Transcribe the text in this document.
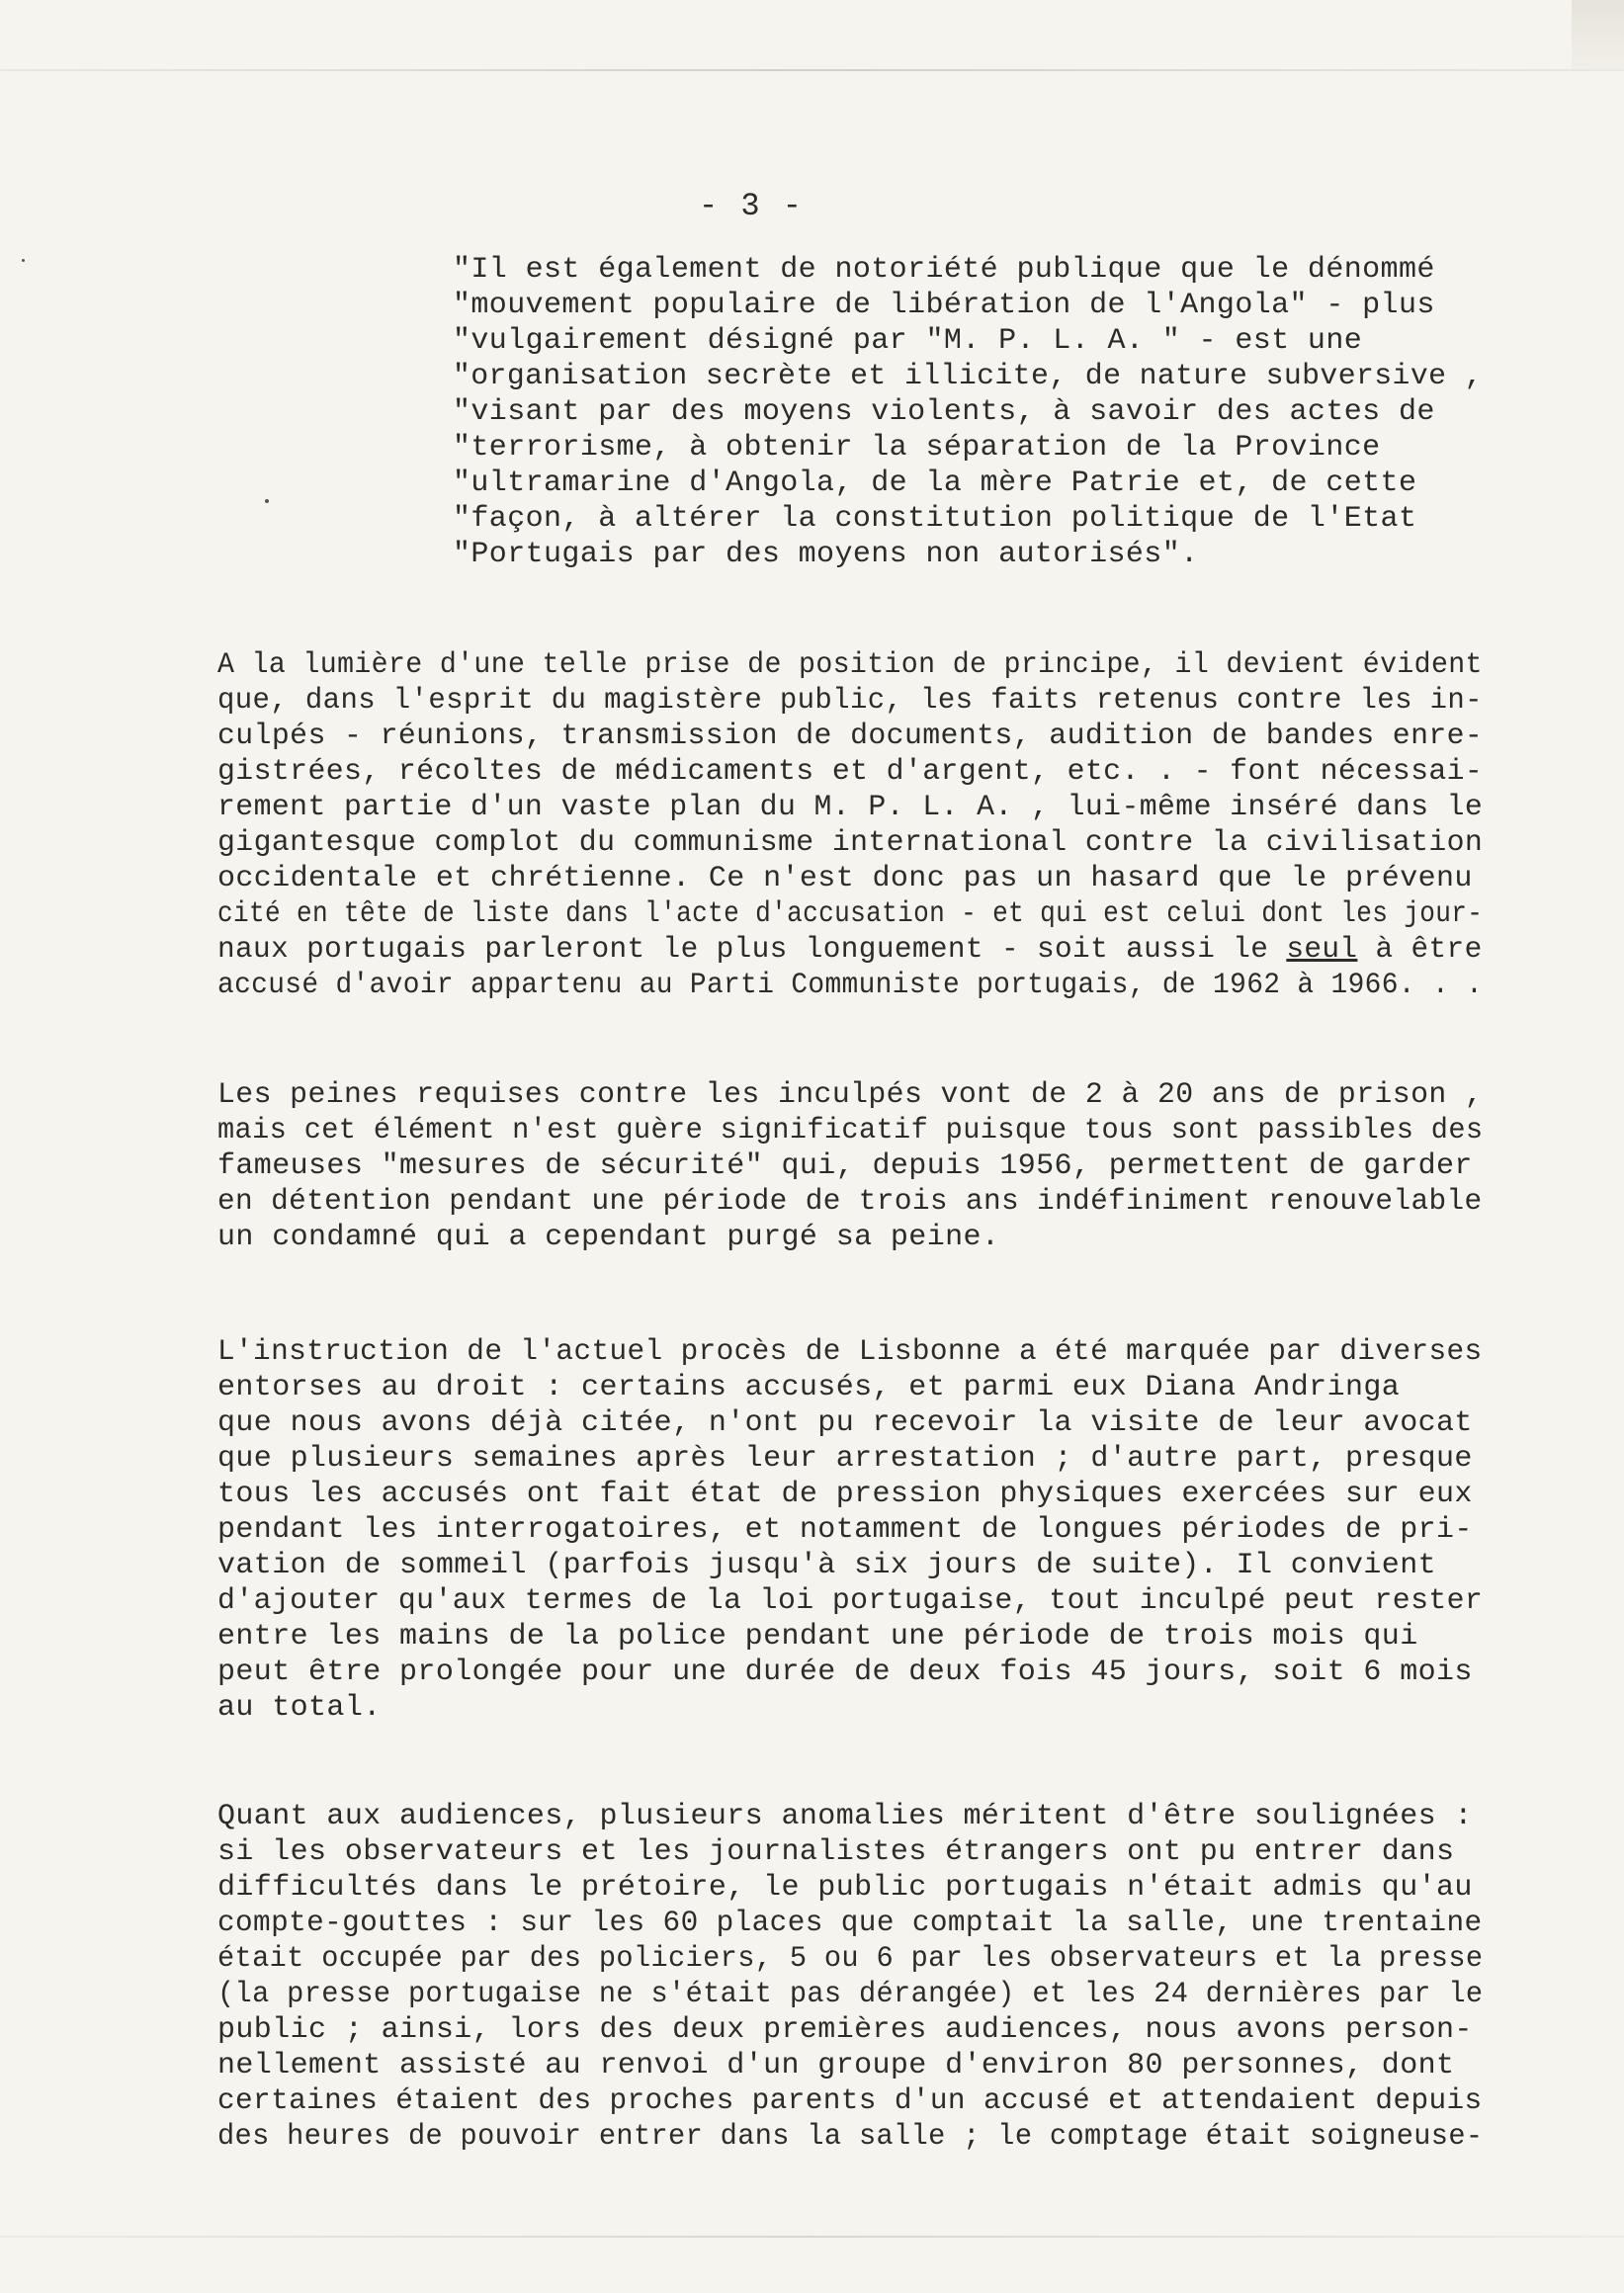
- 3 -
"Il est également de notoriété publique que le dénommé
"mouvement populaire de libération de l'Angola" - plus
"vulgairement désigné par "M. P. L. A. " - est une
"organisation secrète et illicite, de nature subversive ,
"visant par des moyens violents, à savoir des actes de
"terrorisme, à obtenir la séparation de la Province
"ultramarine d'Angola, de la mère Patrie et, de cette
"façon, à altérer la constitution politique de l'Etat
"Portugais par des moyens non autorisés".
A la lumière d'une telle prise de position de principe, il devient évident
que, dans l'esprit du magistère public, les faits retenus contre les in-
culpés - réunions, transmission de documents, audition de bandes enre-
gistrées, récoltes de médicaments et d'argent, etc. . - font nécessai-
rement partie d'un vaste plan du M. P. L. A. , lui-même inséré dans le
gigantesque complot du communisme international contre la civilisation
occidentale et chrétienne. Ce n'est donc pas un hasard que le prévenu
cité en tête de liste dans l'acte d'accusation - et qui est celui dont les jour-
naux portugais parleront le plus longuement - soit aussi le seul à être
accusé d'avoir appartenu au Parti Communiste portugais, de 1962 à 1966. . .
Les peines requises contre les inculpés vont de 2 à 20 ans de prison ,
mais cet élément n'est guère significatif puisque tous sont passibles des
fameuses "mesures de sécurité" qui, depuis 1956, permettent de garder
en détention pendant une période de trois ans indéfiniment renouvelable
un condamné qui a cependant purgé sa peine.
L'instruction de l'actuel procès de Lisbonne a été marquée par diverses
entorses au droit : certains accusés, et parmi eux Diana Andringa
que nous avons déjà citée, n'ont pu recevoir la visite de leur avocat
que plusieurs semaines après leur arrestation ; d'autre part, presque
tous les accusés ont fait état de pression physiques exercées sur eux
pendant les interrogatoires, et notamment de longues périodes de pri-
vation de sommeil (parfois jusqu'à six jours de suite). Il convient
d'ajouter qu'aux termes de la loi portugaise, tout inculpé peut rester
entre les mains de la police pendant une période de trois mois qui
peut être prolongée pour une durée de deux fois 45 jours, soit 6 mois
au total.
Quant aux audiences, plusieurs anomalies méritent d'être soulignées :
si les observateurs et les journalistes étrangers ont pu entrer dans
difficultés dans le prétoire, le public portugais n'était admis qu'au
compte-gouttes : sur les 60 places que comptait la salle, une trentaine
était occupée par des policiers, 5 ou 6 par les observateurs et la presse
(la presse portugaise ne s'était pas dérangée) et les 24 dernières par le
public ; ainsi, lors des deux premières audiences, nous avons person-
nellement assisté au renvoi d'un groupe d'environ 80 personnes, dont
certaines étaient des proches parents d'un accusé et attendaient depuis
des heures de pouvoir entrer dans la salle ; le comptage était soigneuse-
